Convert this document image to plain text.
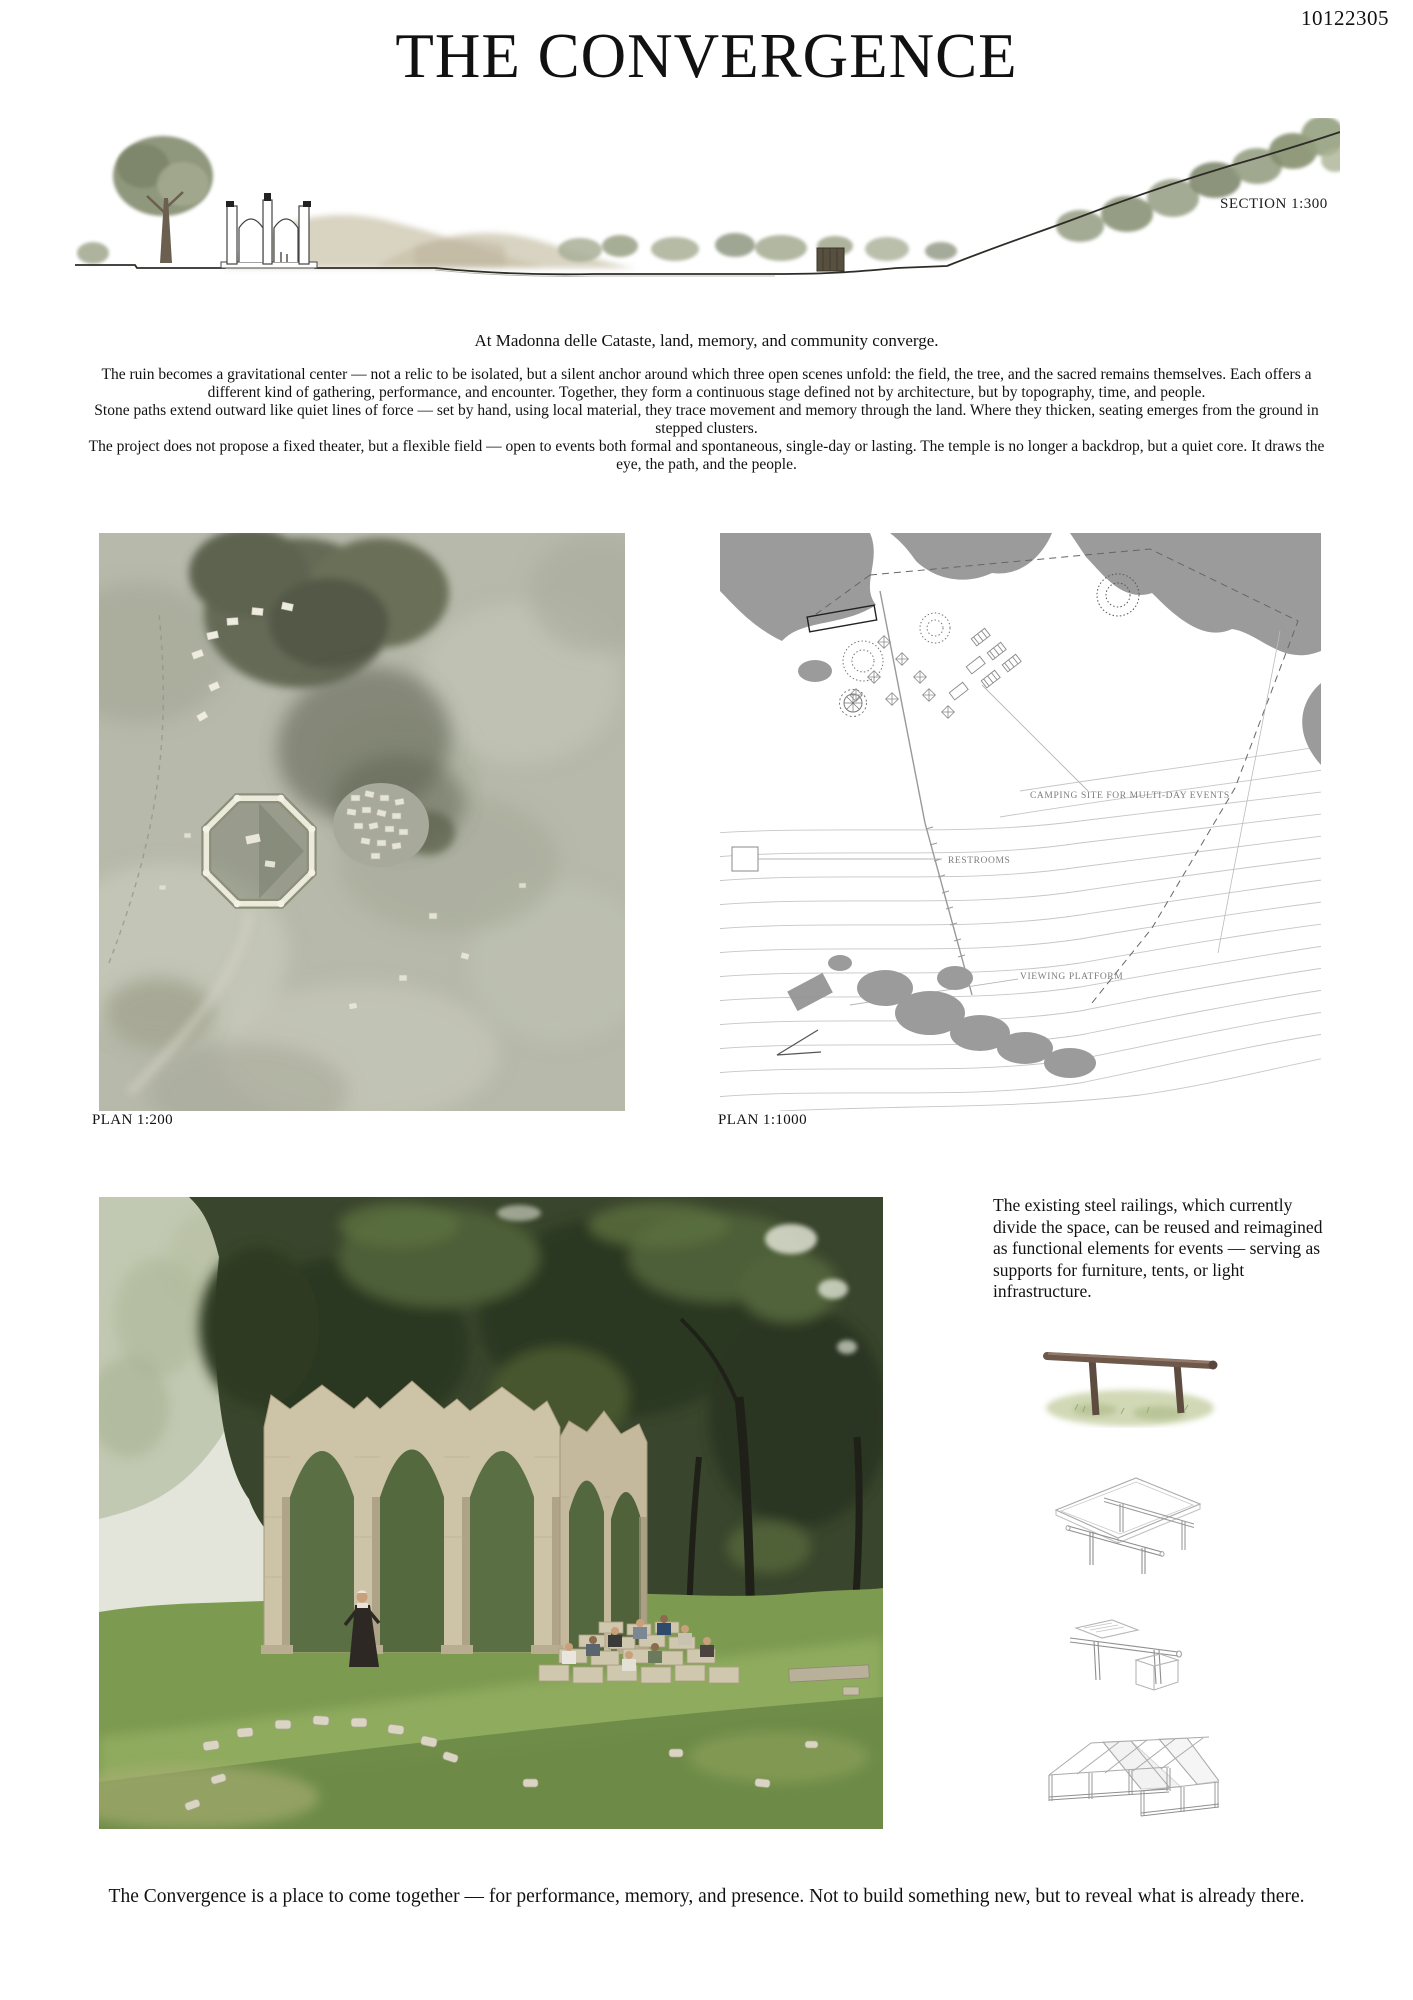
10122305
THE CONVERGENCE
SECTION 1:300
At Madonna delle Cataste, land, memory, and community converge.

The ruin becomes a gravitational center — not a relic to be isolated, but a silent anchor around which three open scenes unfold: the field, the tree, and the sacred remains themselves. Each offers a different kind of gathering, performance, and encounter. Together, they form a continuous stage defined not by architecture, but by topography, time, and people.

Stone paths extend outward like quiet lines of force — set by hand, using local material, they trace movement and memory through the land. Where they thicken, seating emerges from the ground in stepped clusters.

The project does not propose a fixed theater, but a flexible field — open to events both formal and spontaneous, single-day or lasting. The temple is no longer a backdrop, but a quiet core. It draws the eye, the path, and the people.

CAMPING SITE FOR MULTI-DAY EVENTS
RESTROOMS
VIEWING PLATFORM
PLAN 1:200	PLAN 1:1000
The existing steel railings, which currently divide the space, can be reused and reimagined as functional elements for events — serving as supports for furniture, tents, or light infrastructure.
The Convergence is a place to come together — for performance, memory, and presence. Not to build something new, but to reveal what is already there.
